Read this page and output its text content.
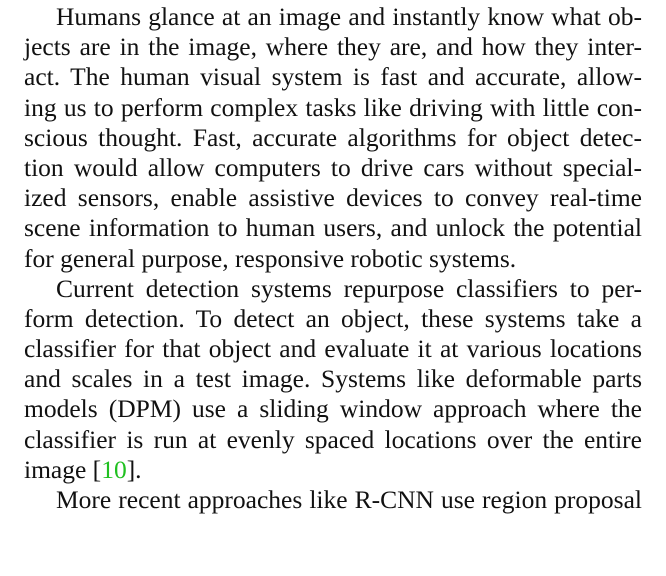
Humans glance at an image and instantly know what ob-
jects are in the image, where they are, and how they inter-
act. The human visual system is fast and accurate, allow-
ing us to perform complex tasks like driving with little con-
scious thought. Fast, accurate algorithms for object detec-
tion would allow computers to drive cars without special-
ized sensors, enable assistive devices to convey real-time
scene information to human users, and unlock the potential
for general purpose, responsive robotic systems.
Current detection systems repurpose classifiers to per-
form detection. To detect an object, these systems take a
classifier for that object and evaluate it at various locations
and scales in a test image. Systems like deformable parts
models (DPM) use a sliding window approach where the
classifier is run at evenly spaced locations over the entire
image [10].
More recent approaches like R-CNN use region proposal
